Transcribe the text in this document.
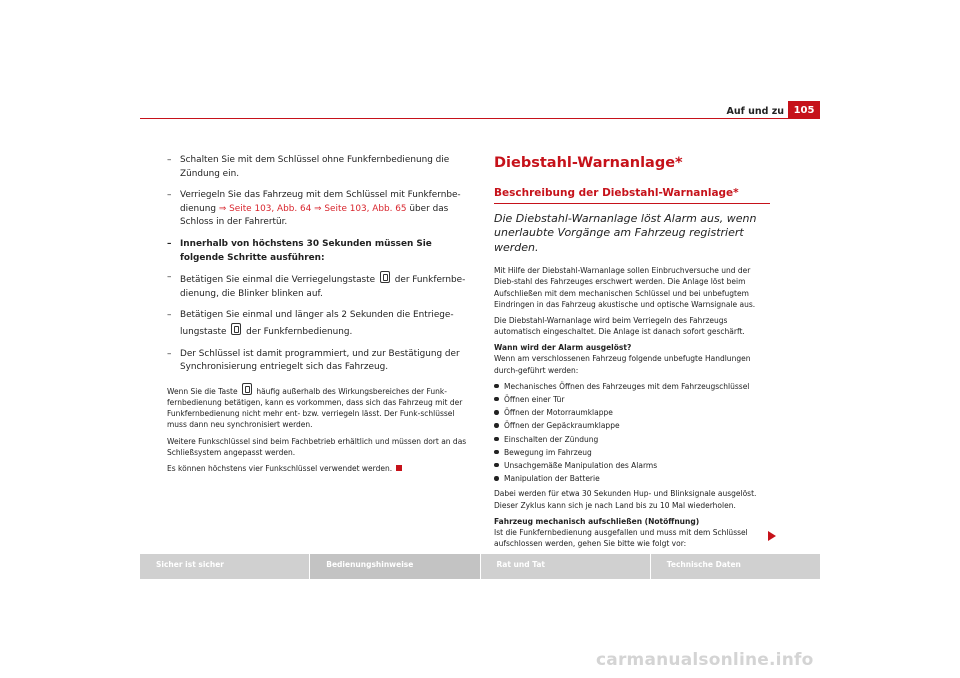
Auf und zu 105
– Schalten Sie mit dem Schlüssel ohne Funkfernbedienung die Zündung ein.
– Verriegeln Sie das Fahrzeug mit dem Schlüssel mit Funkfernbe-dienung ⇒ Seite 103, Abb. 64 ⇒ Seite 103, Abb. 65 über das Schloss in der Fahrertür.
– Innerhalb von höchstens 30 Sekunden müssen Sie folgende Schritte ausführen:
– Betätigen Sie einmal die Verriegelungstaste  der Funkfernbe-dienung, die Blinker blinken auf.
– Betätigen Sie einmal und länger als 2 Sekunden die Entriege-lungstaste  der Funkfernbedienung.
– Der Schlüssel ist damit programmiert, und zur Bestätigung der Synchronisierung entriegelt sich das Fahrzeug.

Wenn Sie die Taste  häufig außerhalb des Wirkungsbereiches der Funk-fernbedienung betätigen, kann es vorkommen, dass sich das Fahrzeug mit der Funkfernbedienung nicht mehr ent- bzw. verriegeln lässt. Der Funk-schlüssel muss dann neu synchronisiert werden.

Weitere Funkschlüssel sind beim Fachbetrieb erhältlich und müssen dort an das Schließsystem angepasst werden.

Es können höchstens vier Funkschlüssel verwendet werden.

Diebstahl-Warnanlage*
Beschreibung der Diebstahl-Warnanlage*
Die Diebstahl-Warnanlage löst Alarm aus, wenn unerlaubte Vorgänge am Fahrzeug registriert werden.

Mit Hilfe der Diebstahl-Warnanlage sollen Einbruchversuche und der Dieb-stahl des Fahrzeuges erschwert werden. Die Anlage löst beim Aufschließen mit dem mechanischen Schlüssel und bei unbefugtem Eindringen in das Fahrzeug akustische und optische Warnsignale aus.

Die Diebstahl-Warnanlage wird beim Verriegeln des Fahrzeugs automatisch eingeschaltet. Die Anlage ist danach sofort geschärft.

Wann wird der Alarm ausgelöst?

Wenn am verschlossenen Fahrzeug folgende unbefugte Handlungen durch-geführt werden:

Mechanisches Öffnen des Fahrzeuges mit dem Fahrzeugschlüssel
Öffnen einer Tür
Öffnen der Motorraumklappe
Öffnen der Gepäckraumklappe
Einschalten der Zündung
Bewegung im Fahrzeug
Unsachgemäße Manipulation des Alarms
Manipulation der Batterie

Dabei werden für etwa 30 Sekunden Hup- und Blinksignale ausgelöst. Dieser Zyklus kann sich je nach Land bis zu 10 Mal wiederholen.

Fahrzeug mechanisch aufschließen (Notöffnung)

Ist die Funkfernbedienung ausgefallen und muss mit dem Schlüssel aufschlossen werden, gehen Sie bitte wie folgt vor:

Sicher ist sicher	Bedienungshinweise	Rat und Tat	Technische Daten
carmanualsonline.info
